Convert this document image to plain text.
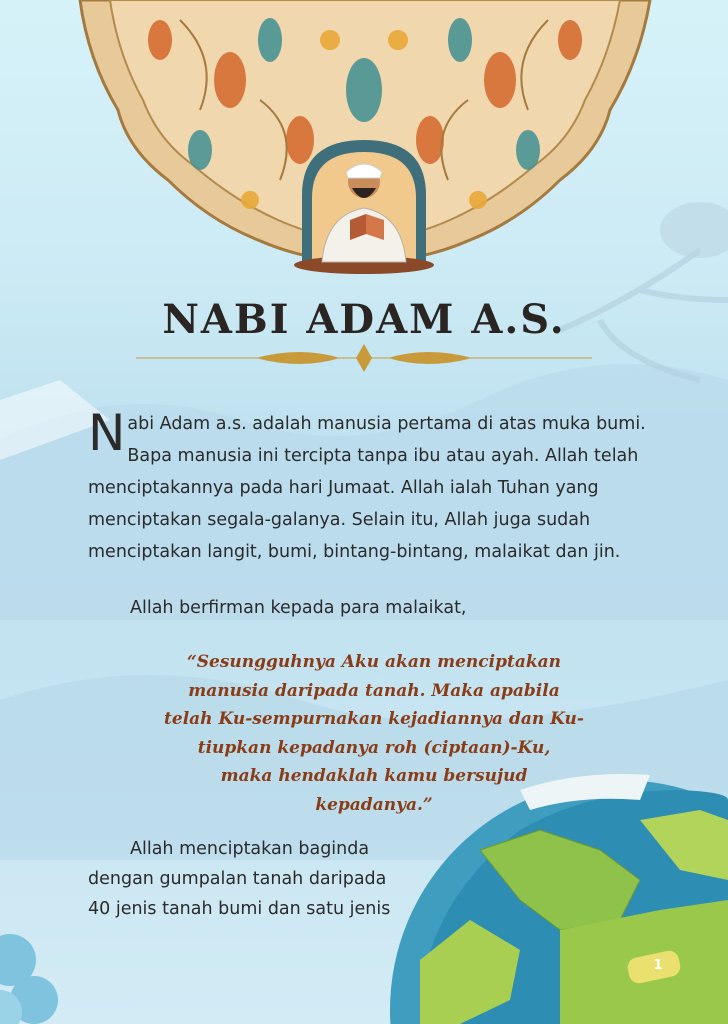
NABI ADAM A.S.

Nabi Adam a.s. adalah manusia pertama di atas muka bumi. Bapa manusia ini tercipta tanpa ibu atau ayah. Allah telah menciptakannya pada hari Jumaat. Allah ialah Tuhan yang menciptakan segala-galanya. Selain itu, Allah juga sudah menciptakan langit, bumi, bintang-bintang, malaikat dan jin.

Allah berfirman kepada para malaikat,

“Sesungguhnya Aku akan menciptakan
manusia daripada tanah. Maka apabila
telah Ku-sempurnakan kejadiannya dan Ku-
tiupkan kepadanya roh (ciptaan)-Ku,
maka hendaklah kamu bersujud
kepadanya.”
Allah menciptakan baginda
dengan gumpalan tanah daripada
40 jenis tanah bumi dan satu jenis
1
